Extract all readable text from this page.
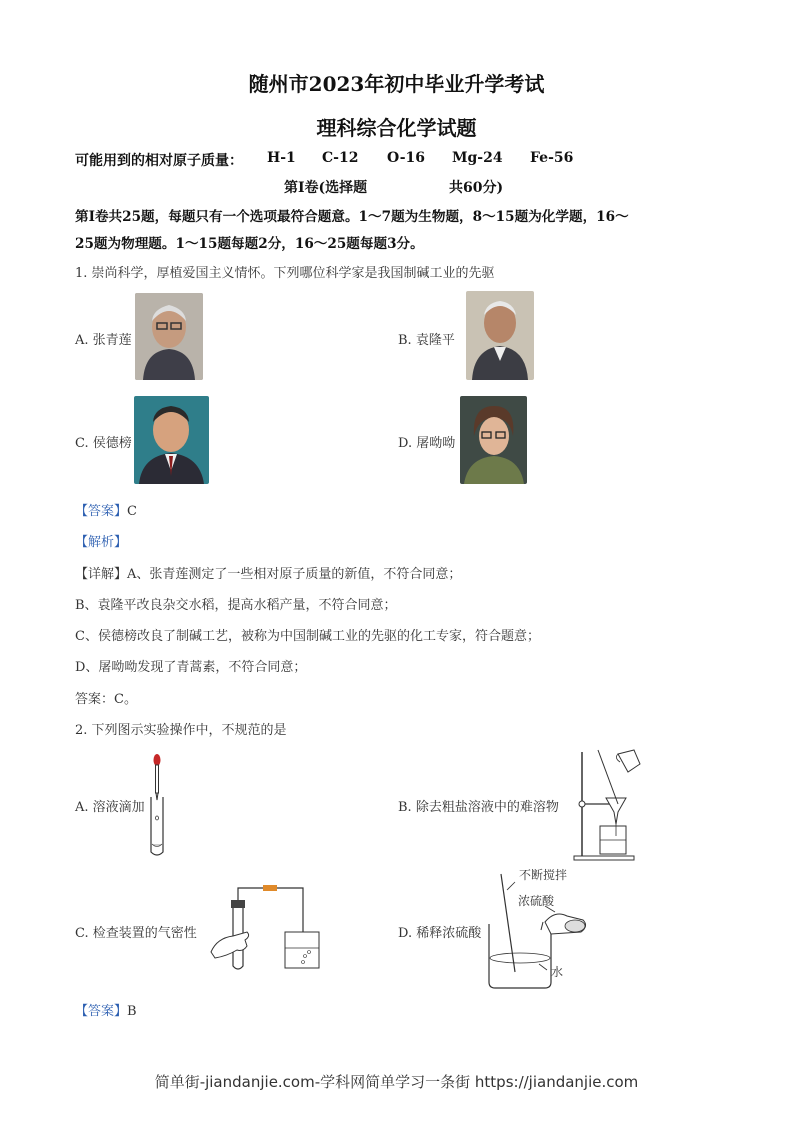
随州市2023年初中毕业升学考试
理科综合化学试题
可能用到的相对原子质量： H-1 C-12 O-16 Mg-24 Fe-56
第Ⅰ卷(选择题	共60分)
第Ⅰ卷共25题，每题只有一个选项最符合题意。1～7题为生物题，8～15题为化学题，16～
25题为物理题。1～15题每题2分，16～25题每题3分。
1. 崇尚科学，厚植爱国主义情怀。下列哪位科学家是我国制碱工业的先驱
A. 张青莲	B. 袁隆平
C. 侯德榜	D. 屠呦呦
【答案】C
【解析】
【详解】A、张青莲测定了一些相对原子质量的新值，不符合同意；
B、袁隆平改良杂交水稻，提高水稻产量，不符合同意；
C、侯德榜改良了制碱工艺，被称为中国制碱工业的先驱的化工专家，符合题意；
D、屠呦呦发现了青蒿素，不符合同意；
答案：C。
2. 下列图示实验操作中，不规范的是
A. 溶液滴加	B. 除去粗盐溶液中的难溶物
C. 检查装置的气密性	D. 稀释浓硫酸
不断搅拌
浓硫酸
水
【答案】B
简单街-jiandanjie.com-学科网简单学习一条街 https://jiandanjie.com
